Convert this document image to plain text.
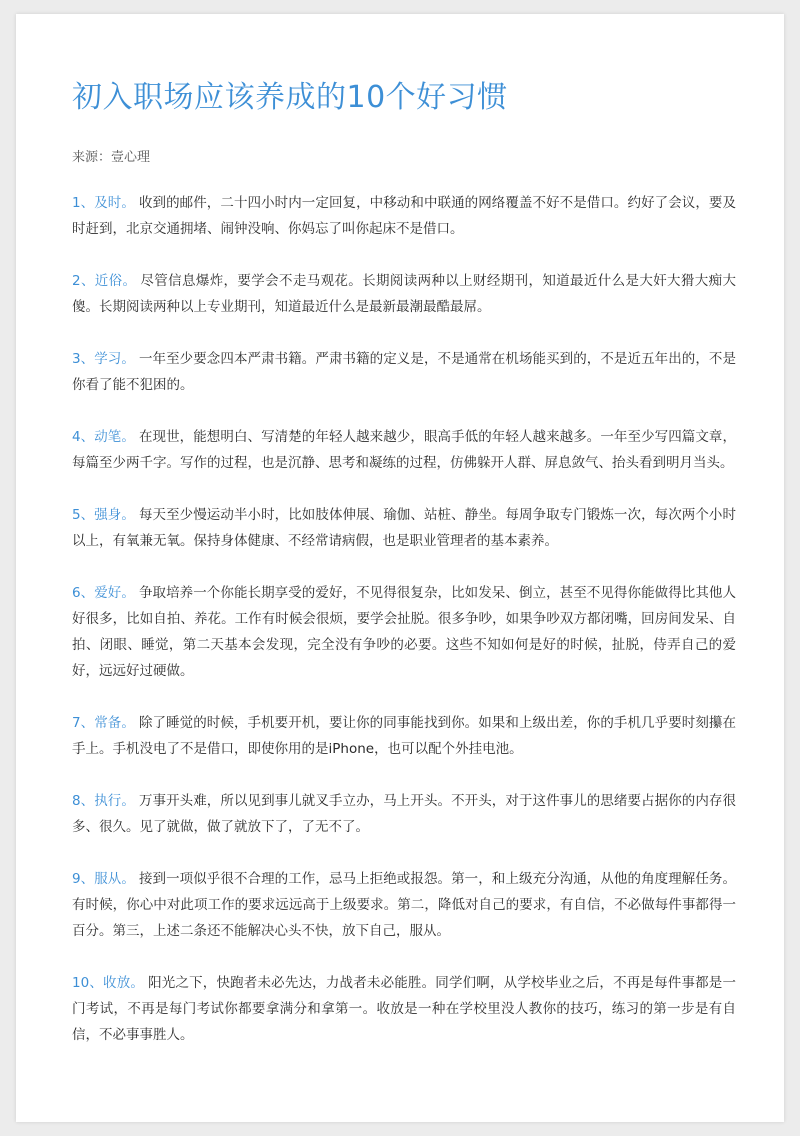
初入职场应该养成的10个好习惯
来源：壹心理

1、及时。 收到的邮件，二十四小时内一定回复，中移动和中联通的网络覆盖不好不是借口。约好了会议，要及时赶到，北京交通拥堵、闹钟没响、你妈忘了叫你起床不是借口。

2、近俗。 尽管信息爆炸，要学会不走马观花。长期阅读两种以上财经期刊，知道最近什么是大奸大猾大痴大傻。长期阅读两种以上专业期刊，知道最近什么是最新最潮最酷最屌。

3、学习。 一年至少要念四本严肃书籍。严肃书籍的定义是，不是通常在机场能买到的，不是近五年出的，不是你看了能不犯困的。

4、动笔。 在现世，能想明白、写清楚的年轻人越来越少，眼高手低的年轻人越来越多。一年至少写四篇文章，每篇至少两千字。写作的过程，也是沉静、思考和凝练的过程，仿佛躲开人群、屏息敛气、抬头看到明月当头。

5、强身。 每天至少慢运动半小时，比如肢体伸展、瑜伽、站桩、静坐。每周争取专门锻炼一次，每次两个小时以上，有氧兼无氧。保持身体健康、不经常请病假，也是职业管理者的基本素养。

6、爱好。 争取培养一个你能长期享受的爱好，不见得很复杂，比如发呆、倒立，甚至不见得你能做得比其他人好很多，比如自拍、养花。工作有时候会很烦，要学会扯脱。很多争吵，如果争吵双方都闭嘴，回房间发呆、自拍、闭眼、睡觉，第二天基本会发现，完全没有争吵的必要。这些不知如何是好的时候，扯脱，侍弄自己的爱好，远远好过硬做。

7、常备。 除了睡觉的时候，手机要开机，要让你的同事能找到你。如果和上级出差，你的手机几乎要时刻攥在手上。手机没电了不是借口，即使你用的是iPhone，也可以配个外挂电池。

8、执行。 万事开头难，所以见到事儿就叉手立办，马上开头。不开头，对于这件事儿的思绪要占据你的内存很多、很久。见了就做，做了就放下了，了无不了。

9、服从。 接到一项似乎很不合理的工作，忌马上拒绝或报怨。第一，和上级充分沟通，从他的角度理解任务。有时候，你心中对此项工作的要求远远高于上级要求。第二，降低对自己的要求，有自信，不必做每件事都得一百分。第三，上述二条还不能解决心头不快，放下自己，服从。

10、收放。 阳光之下，快跑者未必先达，力战者未必能胜。同学们啊，从学校毕业之后，不再是每件事都是一门考试，不再是每门考试你都要拿满分和拿第一。收放是一种在学校里没人教你的技巧，练习的第一步是有自信，不必事事胜人。
